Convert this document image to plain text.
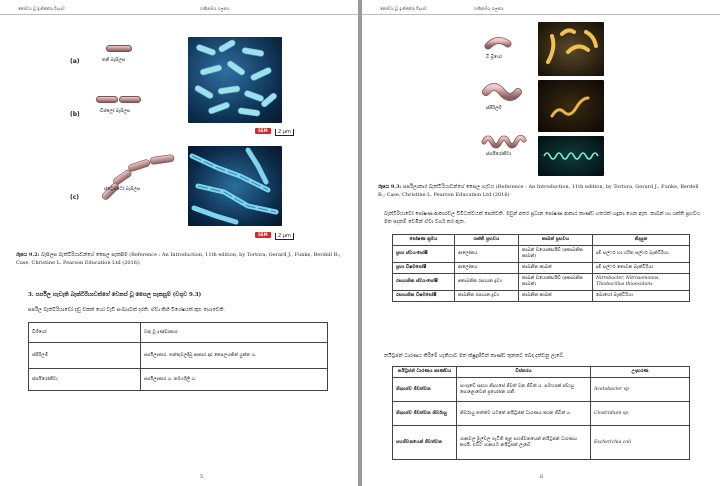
ජෛවය වූ ඉංජිනේරු විද්‍යාව	ගණිතමය ගලනය
(a)	තනි බැසිලස
(b)	ඩිප්ලෝ බැසිලස
(c)
ස්ට්‍රෙප්ටෝ බැසිලස
SEM	2 μm
SEM	2 μm
රූපය 9.2: බැසිලස බැක්ටීරියාවන්ගේ සෛල සැකසීම (Reference : An Introduction, 11th edition, by Tortora, Gerard J., Funke, Berdell R.; Case, Christine L. Pearson Education Ltd (2016).
3. සර්පිල හැඩැති බැක්ටීරියාවන්ගේ වෙනස් වූ සෛල සැකසුම් (වගුව 9.3)
සර්පිල බැක්ටීරියාවෝ දඬු වකක් හෝ වැඩි සංඛ්‍යාවක් දරති. ඒවා කිහි විශේෂයක් කුළු හොවෙති.
විශියෝ	වකු වූ දණ්ඩාකාර.
ස්පිරිලම්	සර්පිලාකාර. තන්තුවලදිබු ආකාර දෘඪ සෛලයකින් යුක්ත ය.
ස්පයිරෝකීටා	සර්පිලාකාර ය. නම්‍යශීලී ය.
5
ජෛවය වූ ඉංජිනේරු විද්‍යාව	ගණිතමය ගලනය
වි බ්‍රියෝ
ස්පිරිලම්
ස්පයිරෝකීටා
රූපය 9.3: සර්පිලාකාර බැක්ටීරියාවන්ගේ සෛල හැඩය (Reference : An Introduction, 11th edition, by Tortora, Gerard J., Funke, Berdell R.; Case, Christine L. Pearson Education Ltd (2016)
බැක්ටීරියාවෝ පෝෂණ ආකාරවල විවිධත්වයක් පෙන්වති. ඔවුන් අතර ප්‍රධාන පෝෂණ ආකාර කාණ්ඩ හතරක් හඳුනා ගෙන ඇත. කාබන් හා ශක්ති ප්‍රභවය මත පදනම් වෙමින් ඒවා වර්ග කර ඇත.
පෝෂණ ක්‍රමය	ශක්ති ප්‍රභවය	කාබන් ප්‍රභවය	නිදසුන
ප්‍රභා ස්වයංපෝෂී	ආලෝකය	කාබන් ඩයොක්සයිඩ් (අකාබනික කාබන්)	දම් සල්ෆර් හා හරිත සල්ෆර් බැක්ටීරියා
ප්‍රභා විෂමපෝෂී	ආලෝකය	කාබනික කාබන්	දම් සල්ෆර් නොවන බැක්ටීරියා
රසායනික ස්වයංපෝෂී	අකාබනික රසායන ද්‍රව්‍ය	කාබන් ඩයොක්සයිඩ් (අකාබනික කාබන්)	Nitrobacter, Nitrosomonas, Thiobacillus thiooxidans
රසායනික විෂමපෝෂී	කාබනික රසායන ද්‍රව්‍ය	කාබනික කාබන්	බොහෝ බැක්ටීරියා
නයිට්‍රජන් ධාරණය කිරීමේ හැකියාව මත ක්ෂුද්‍රජීවීන් කාණ්ඩ තුනකට බෙදා දක්වනු ලැබේ.
නයිට්‍රජන් ධාරණය කාණ්ඩය	විස්තරය	උදාහරණ
නිදහස්ව ජීවත්වන	පාංශුවේ සඳහා නිදහසේ ජීවත් වන ජීවීන් ය. සමහරක් ස්වායු පොළොවෙන් ප්‍රයෝජන ගනී.	Acetobacter sp
නිදහස්ව ජීවත්වන නිර්වායු	නිර්වායු තත්ත්ව යටතේ නයිට්‍රජන් ධාරණය කරන ජීවීන් ය.	Clostridium sp.
සහජීවනයෙන් ජීවත්වන	ශාකවල මුල්වල ගැටිති තුළ සහජීවනයෙන් නයිට්‍රජන් ධාරණය කරයි. එවිට ශාකයට නයිට්‍රජන් ලැබේ.	Escherichia coli
6
